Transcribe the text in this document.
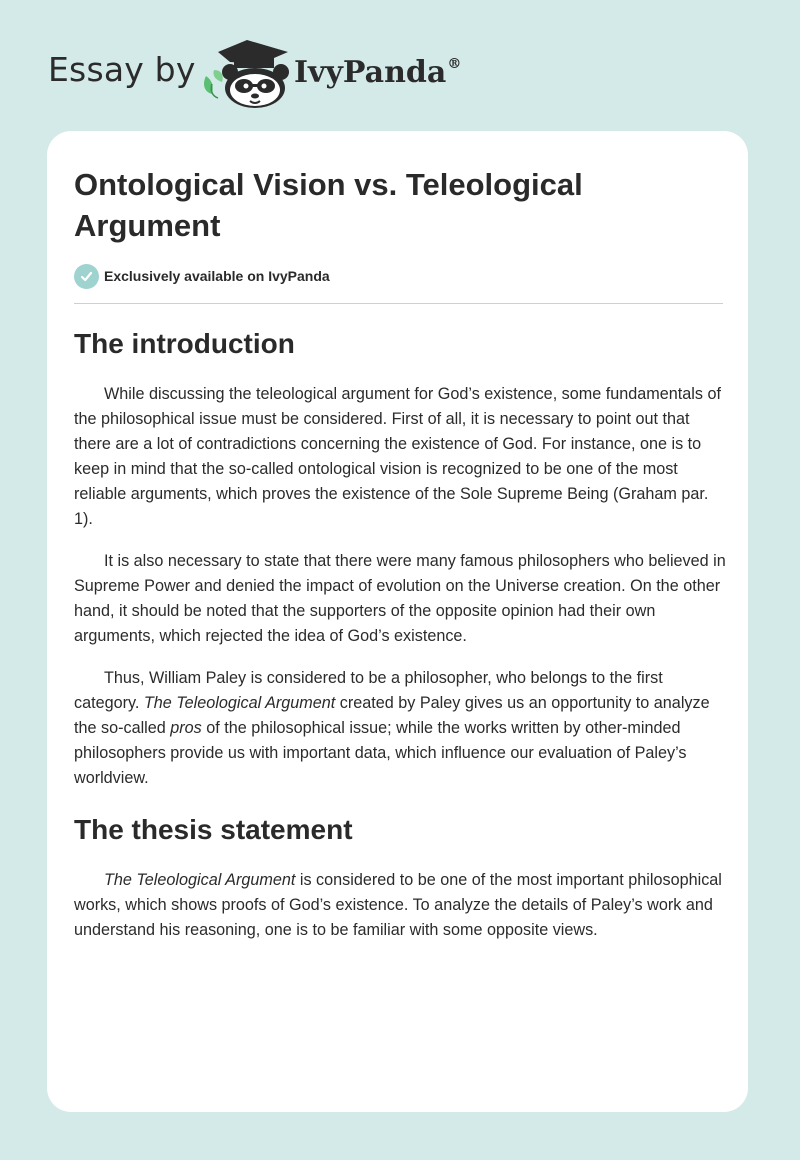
Essay by	IvyPanda®
Ontological Vision vs. Teleological Argument
Exclusively available on IvyPanda
The introduction

While discussing the teleological argument for God’s existence, some fundamentals of the philosophical issue must be considered. First of all, it is necessary to point out that there are a lot of contradictions concerning the existence of God. For instance, one is to keep in mind that the so-called ontological vision is recognized to be one of the most reliable arguments, which proves the existence of the Sole Supreme Being (Graham par. 1).

It is also necessary to state that there were many famous philosophers who believed in Supreme Power and denied the impact of evolution on the Universe creation. On the other hand, it should be noted that the supporters of the opposite opinion had their own arguments, which rejected the idea of God’s existence.

Thus, William Paley is considered to be a philosopher, who belongs to the first category. The Teleological Argument created by Paley gives us an opportunity to analyze the so-called pros of the philosophical issue; while the works written by other-minded philosophers provide us with important data, which influence our evaluation of Paley’s worldview.

The thesis statement

The Teleological Argument is considered to be one of the most important philosophical works, which shows proofs of God’s existence. To analyze the details of Paley’s work and understand his reasoning, one is to be familiar with some opposite views.
